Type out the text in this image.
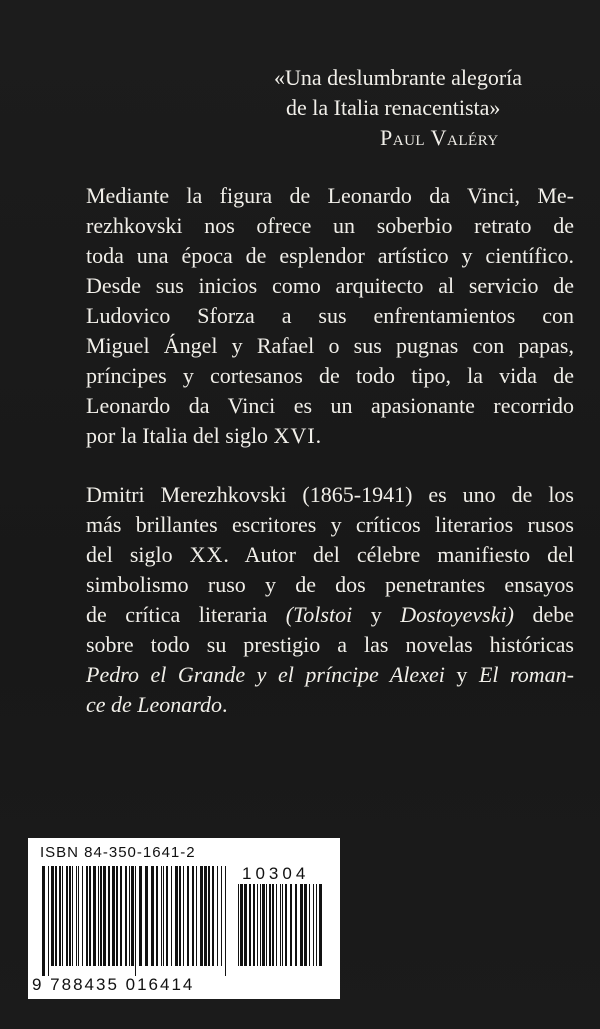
«Una deslumbrante alegoría
de la Italia renacentista»
Paul Valéry
Mediante la figura de Leonardo da Vinci, Me-
rezhkovski nos ofrece un soberbio retrato de
toda una época de esplendor artístico y científico.
Desde sus inicios como arquitecto al servicio de
Ludovico Sforza a sus enfrentamientos con
Miguel Ángel y Rafael o sus pugnas con papas,
príncipes y cortesanos de todo tipo, la vida de
Leonardo da Vinci es un apasionante recorrido
por la Italia del siglo XVI.
Dmitri Merezhkovski (1865-1941) es uno de los
más brillantes escritores y críticos literarios rusos
del siglo XX. Autor del célebre manifiesto del
simbolismo ruso y de dos penetrantes ensayos
de crítica literaria (Tolstoi y Dostoyevski) debe
sobre todo su prestigio a las novelas históricas
Pedro el Grande y el príncipe Alexei y El roman-
ce de Leonardo.
ISBN 84-350-1641-2
10304
9 788435 016414
